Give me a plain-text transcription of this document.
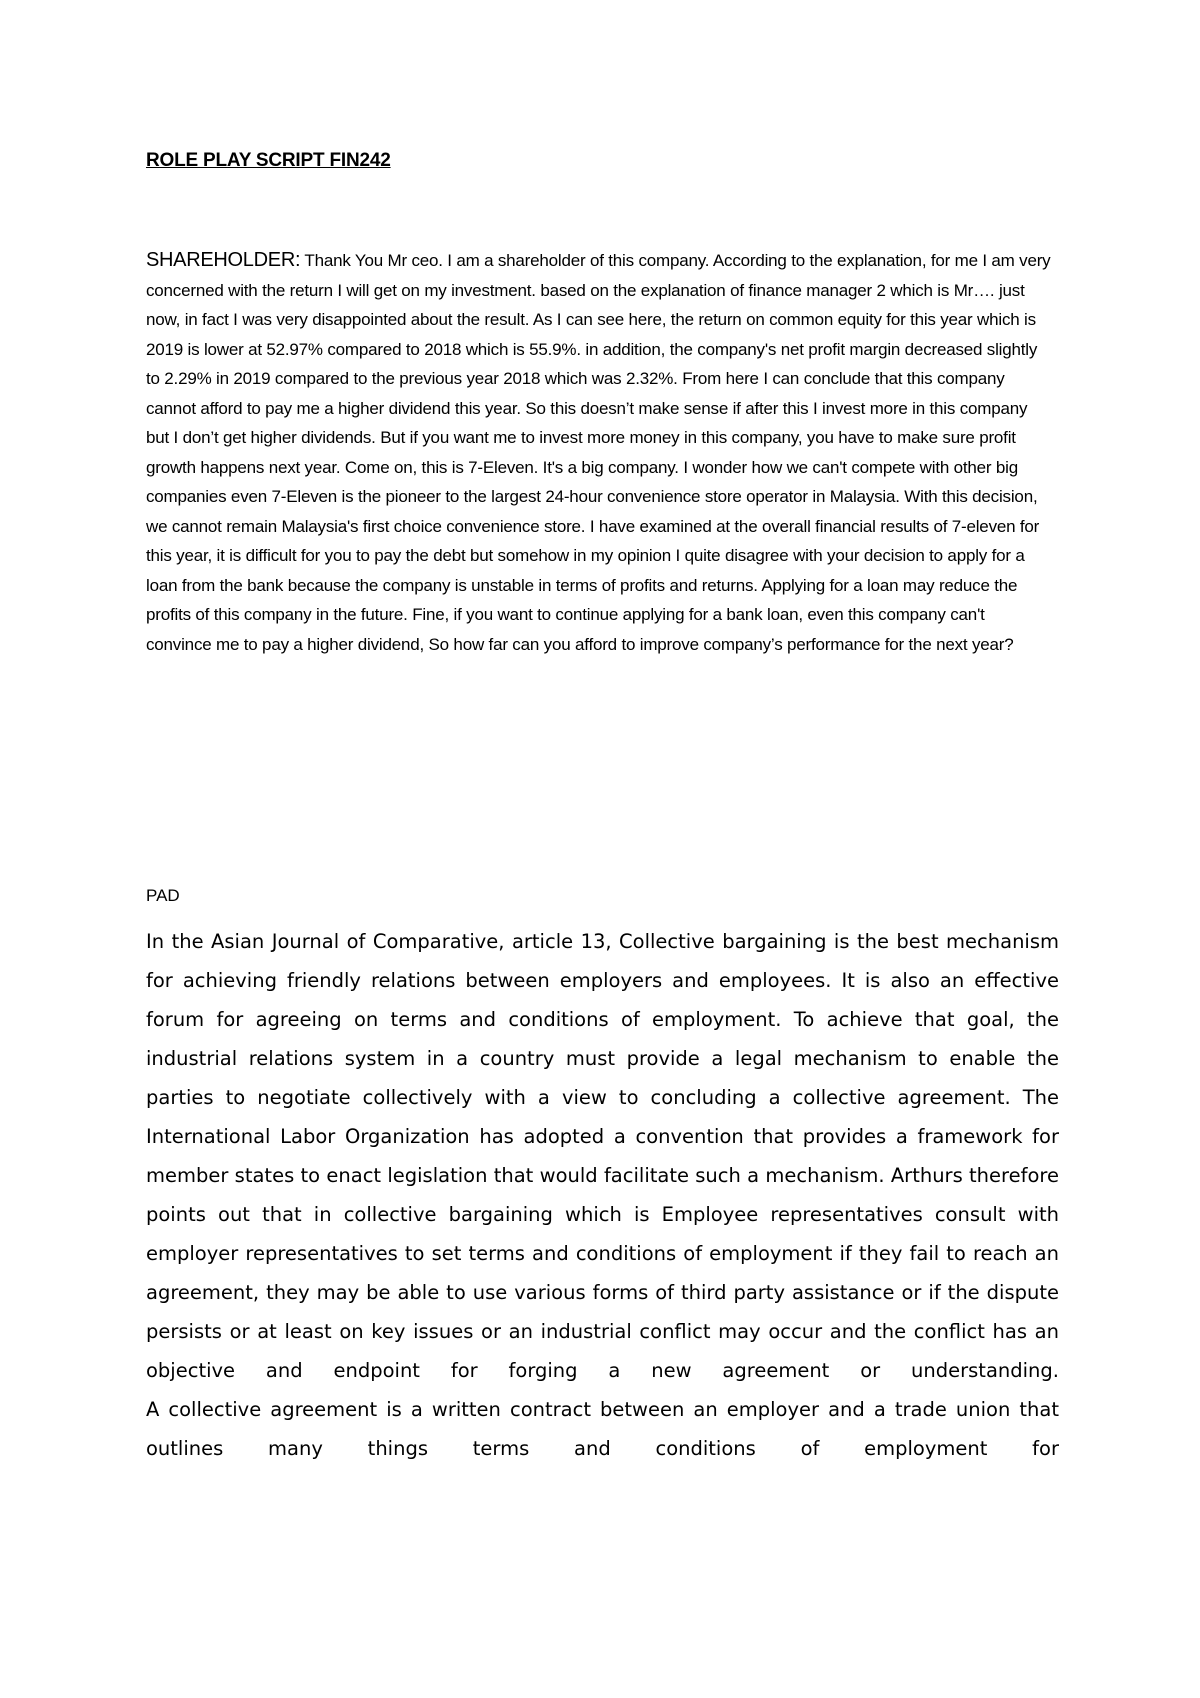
ROLE PLAY SCRIPT FIN242

SHAREHOLDER: Thank You Mr ceo. I am a shareholder of this company. According to the explanation, for me I am very concerned with the return I will get on my investment. based on the explanation of finance manager 2 which is Mr…. just now, in fact I was very disappointed about the result. As I can see here, the return on common equity for this year which is 2019 is lower at 52.97% compared to 2018 which is 55.9%. in addition, the company's net profit margin decreased slightly to 2.29% in 2019 compared to the previous year 2018 which was 2.32%. From here I can conclude that this company cannot afford to pay me a higher dividend this year. So this doesn’t make sense if after this I invest more in this company but I don’t get higher dividends. But if you want me to invest more money in this company, you have to make sure profit growth happens next year. Come on, this is 7-Eleven. It's a big company. I wonder how we can't compete with other big companies even 7-Eleven is the pioneer to the largest 24-hour convenience store operator in Malaysia. With this decision, we cannot remain Malaysia's first choice convenience store. I have examined at the overall financial results of 7-eleven for this year, it is difficult for you to pay the debt but somehow in my opinion I quite disagree with your decision to apply for a loan from the bank because the company is unstable in terms of profits and returns. Applying for a loan may reduce the profits of this company in the future. Fine, if you want to continue applying for a bank loan, even this company can't convince me to pay a higher dividend, So how far can you afford to improve company’s performance for the next year?

PAD

In the Asian Journal of Comparative, article 13, Collective bargaining is the best mechanism for achieving friendly relations between employers and employees. It is also an effective forum for agreeing on terms and conditions of employment. To achieve that goal, the industrial relations system in a country must provide a legal mechanism to enable the parties to negotiate collectively with a view to concluding a collective agreement. The International Labor Organization has adopted a convention that provides a framework for member states to enact legislation that would facilitate such a mechanism. Arthurs therefore points out that in collective bargaining which is Employee representatives consult with employer representatives to set terms and conditions of employment if they fail to reach an agreement, they may be able to use various forms of third party assistance or if the dispute persists or at least on key issues or an industrial conflict may occur and the conflict has an objective and endpoint for forging a new agreement or understanding.

A collective agreement is a written contract between an employer and a trade union that outlines many things terms and conditions of employment for
